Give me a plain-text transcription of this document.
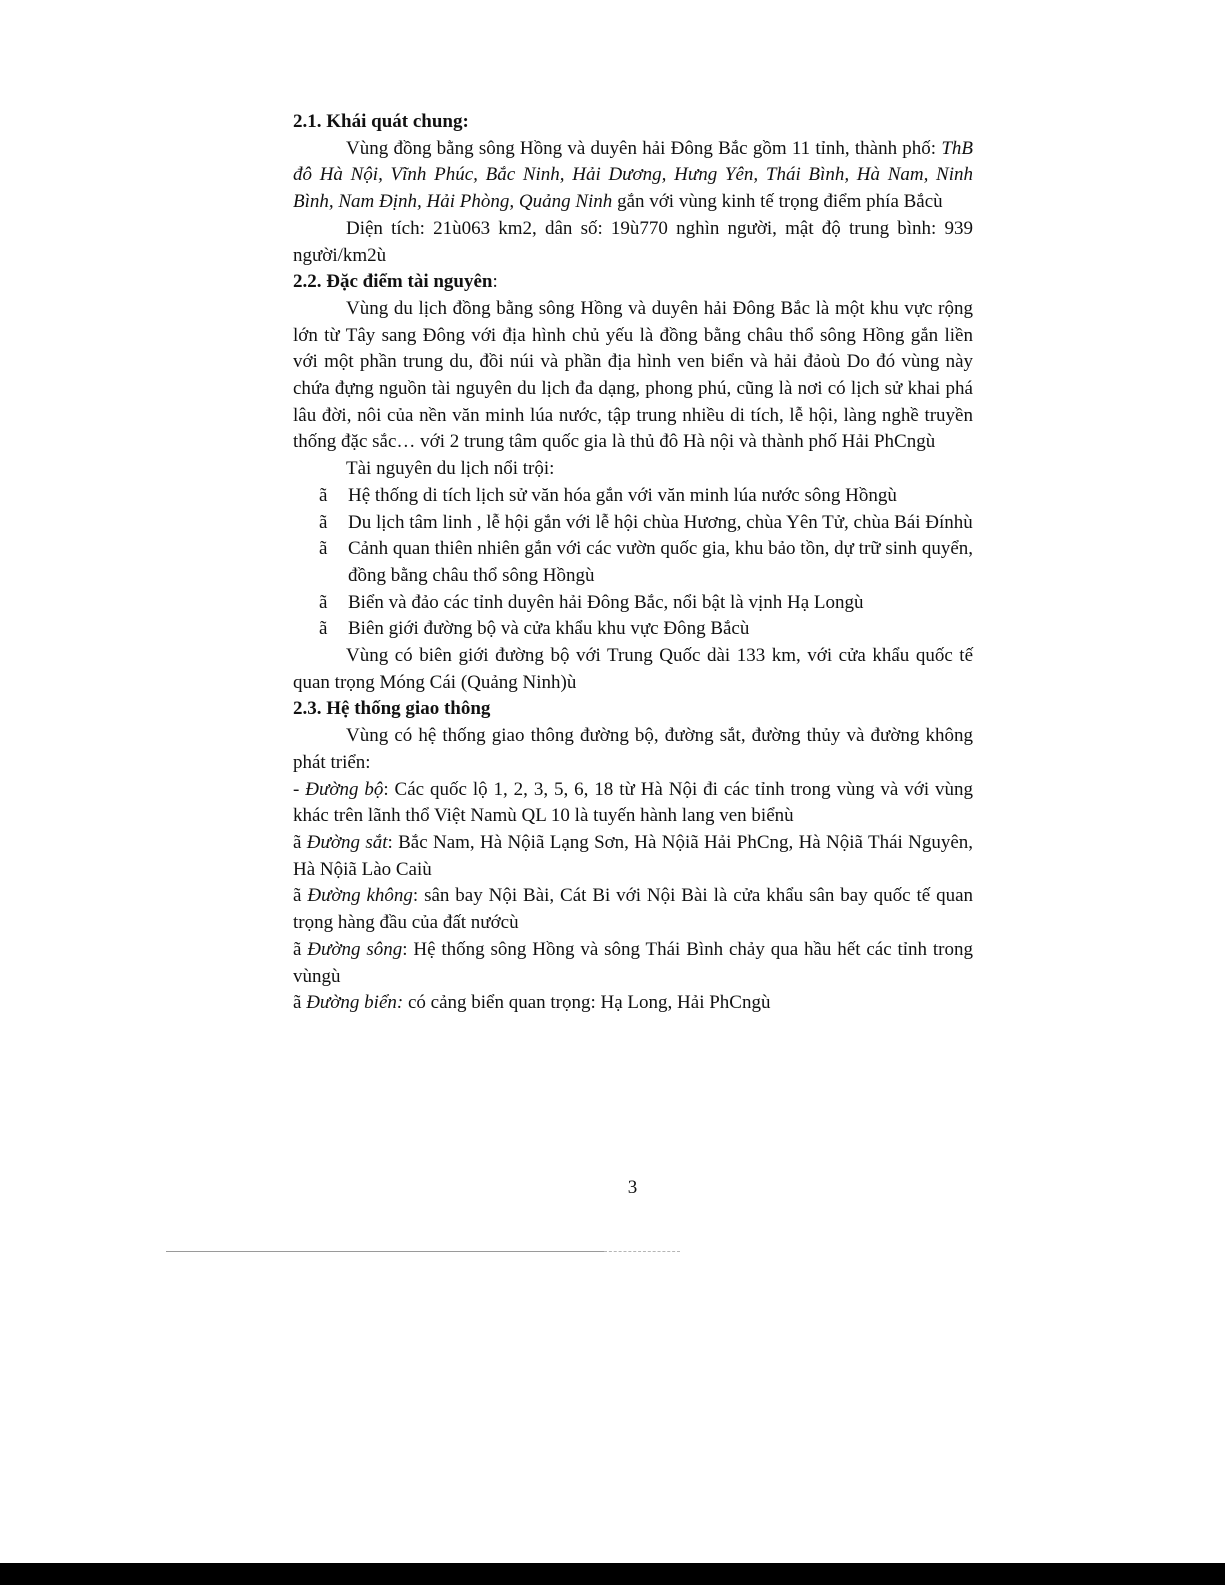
2.1. Khái quát chung:

Vùng đồng bằng sông Hồng và duyên hải Đông Bắc gồm 11 tỉnh, thành phố: ThB đô Hà Nội, Vĩnh Phúc, Bắc Ninh, Hải Dương, Hưng Yên, Thái Bình, Hà Nam, Ninh Bình, Nam Định, Hải Phòng, Quảng Ninh gắn với vùng kinh tế trọng điểm phía Bắcù

Diện tích: 21ù063 km2, dân số: 19ù770 nghìn người, mật độ trung bình: 939 người/km2ù

2.2. Đặc điểm tài nguyên:

Vùng du lịch đồng bằng sông Hồng và duyên hải Đông Bắc là một khu vực rộng lớn từ Tây sang Đông với địa hình chủ yếu là đồng bằng châu thổ sông Hồng gắn liền với một phần trung du, đồi núi và phần địa hình ven biển và hải đảoù Do đó vùng này chứa đựng nguồn tài nguyên du lịch đa dạng, phong phú, cũng là nơi có lịch sử khai phá lâu đời, nôi của nền văn minh lúa nước, tập trung nhiều di tích, lễ hội, làng nghề truyền thống đặc sắc… với 2 trung tâm quốc gia là thủ đô Hà nội và thành phố Hải PhCngù

Tài nguyên du lịch nổi trội:

ã Hệ thống di tích lịch sử văn hóa gắn với văn minh lúa nước sông Hồngù

ã Du lịch tâm linh , lễ hội gắn với lễ hội chùa Hương, chùa Yên Tử, chùa Bái Đínhù

ã Cảnh quan thiên nhiên gắn với các vườn quốc gia, khu bảo tồn, dự trữ sinh quyển, đồng bằng châu thổ sông Hồngù

ã Biển và đảo các tỉnh duyên hải Đông Bắc, nổi bật là vịnh Hạ Longù

ã Biên giới đường bộ và cửa khẩu khu vực Đông Bắcù

Vùng có biên giới đường bộ với Trung Quốc dài 133 km, với cửa khẩu quốc tế quan trọng Móng Cái (Quảng Ninh)ù

2.3. Hệ thống giao thông

Vùng có hệ thống giao thông đường bộ, đường sắt, đường thủy và đường không phát triển:

- Đường bộ: Các quốc lộ 1, 2, 3, 5, 6, 18 từ Hà Nội đi các tỉnh trong vùng và với vùng khác trên lãnh thổ Việt Namù QL 10 là tuyến hành lang ven biểnù

ã Đường sắt: Bắc Nam, Hà Nộiã Lạng Sơn, Hà Nộiã Hải PhCng, Hà Nộiã Thái Nguyên, Hà Nộiã Lào Caiù

ã Đường không: sân bay Nội Bài, Cát Bi với Nội Bài là cửa khẩu sân bay quốc tế quan trọng hàng đầu của đất nướcù

ã Đường sông: Hệ thống sông Hồng và sông Thái Bình chảy qua hầu hết các tỉnh trong vùngù

ã Đường biển: có cảng biển quan trọng: Hạ Long, Hải PhCngù

3
